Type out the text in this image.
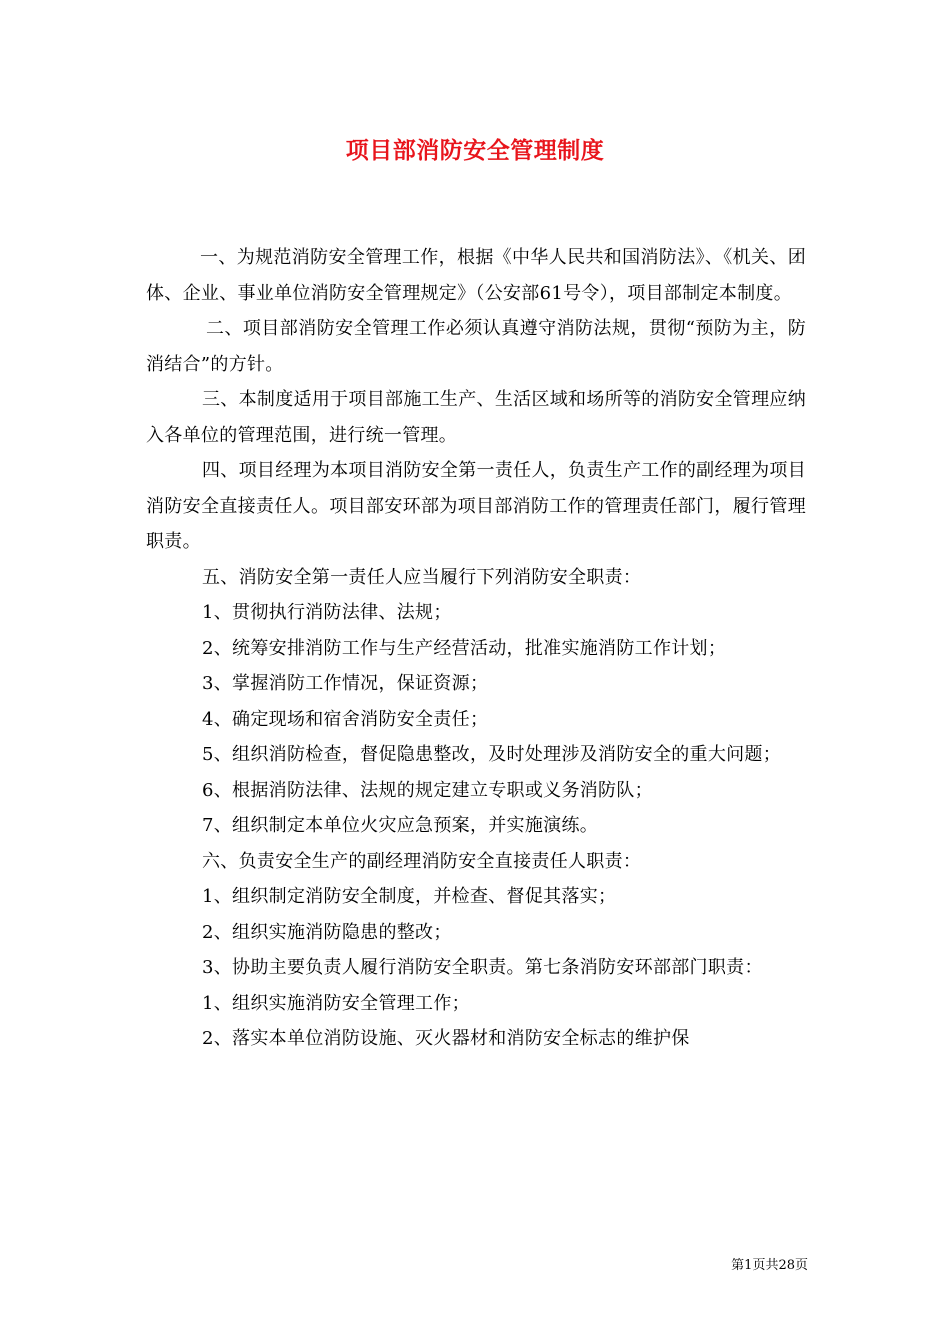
项目部消防安全管理制度

一、为规范消防安全管理工作，根据《中华人民共和国消防法》、《机关、团体、企业、事业单位消防安全管理规定》（公安部61号令），项目部制定本制度。

二、项目部消防安全管理工作必须认真遵守消防法规，贯彻“预防为主，防消结合”的方针。

三、本制度适用于项目部施工生产、生活区域和场所等的消防安全管理应纳入各单位的管理范围，进行统一管理。

四、项目经理为本项目消防安全第一责任人，负责生产工作的副经理为项目消防安全直接责任人。项目部安环部为项目部消防工作的管理责任部门，履行管理职责。

五、消防安全第一责任人应当履行下列消防安全职责：

1、贯彻执行消防法律、法规；

2、统筹安排消防工作与生产经营活动，批准实施消防工作计划；

3、掌握消防工作情况，保证资源；

4、确定现场和宿舍消防安全责任；

5、组织消防检查，督促隐患整改，及时处理涉及消防安全的重大问题；

6、根据消防法律、法规的规定建立专职或义务消防队；

7、组织制定本单位火灾应急预案，并实施演练。

六、负责安全生产的副经理消防安全直接责任人职责：

1、组织制定消防安全制度，并检查、督促其落实；

2、组织实施消防隐患的整改；

3、协助主要负责人履行消防安全职责。第七条消防安环部部门职责：

1、组织实施消防安全管理工作；

2、落实本单位消防设施、灭火器材和消防安全标志的维护保

第1页共28页
